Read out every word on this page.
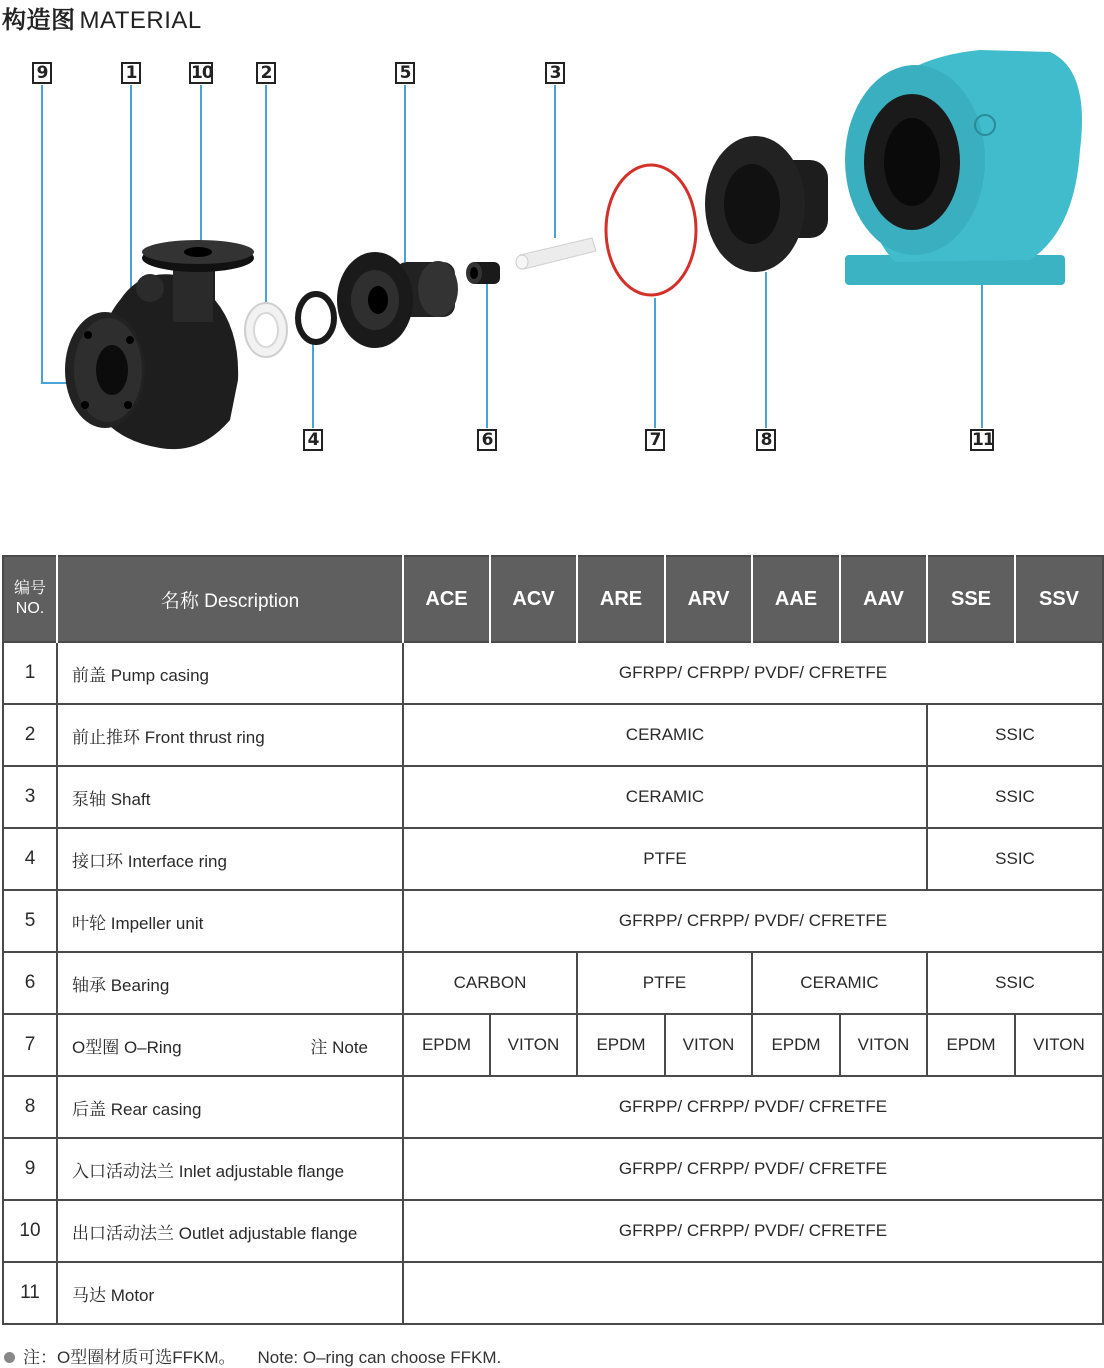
构造图 MATERIAL
9	1	10	2	5	3
4	6	7	8	11
编号
NO.	名称 Description	ACE	ACV	ARE	ARV	AAE	AAV	SSE	SSV
1	前盖 Pump casing	GFRPP/ CFRPP/ PVDF/ CFRETFE							
2	前止推环 Front thrust ring	CERAMIC						SSIC	
3	泵轴 Shaft	CERAMIC						SSIC	
4	接口环 Interface ring	PTFE						SSIC	
5	叶轮 Impeller unit	GFRPP/ CFRPP/ PVDF/ CFRETFE							
6	轴承 Bearing	CARBON		PTFE		CERAMIC		SSIC	
7	O型圈 O–Ring 注 Note	EPDM	VITON	EPDM	VITON	EPDM	VITON	EPDM	VITON
8	后盖 Rear casing	GFRPP/ CFRPP/ PVDF/ CFRETFE							
9	入口活动法兰 Inlet adjustable flange	GFRPP/ CFRPP/ PVDF/ CFRETFE							
10	出口活动法兰 Outlet adjustable flange	GFRPP/ CFRPP/ PVDF/ CFRETFE							
11	马达 Motor								
注：O型圈材质可选FFKM。 Note: O–ring can choose FFKM.
